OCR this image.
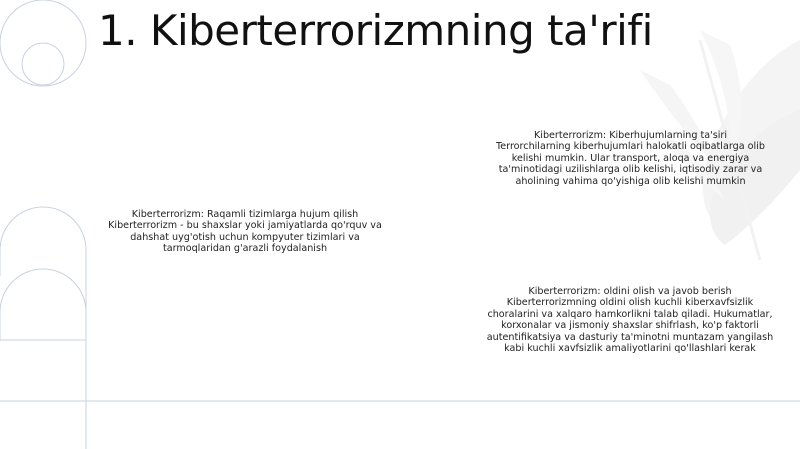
1. Kiberterrorizmning ta'rifi

Kiberterrorizm: Kiberhujumlarning ta'siri

Terrorchilarning kiberhujumlari halokatli oqibatlarga olib kelishi mumkin. Ular transport, aloqa va energiya ta'minotidagi uzilishlarga olib kelishi, iqtisodiy zarar va aholining vahima qo'yishiga olib kelishi mumkin

Kiberterrorizm: Raqamli tizimlarga hujum qilish

Kiberterrorizm - bu shaxslar yoki jamiyatlarda qo'rquv va dahshat uyg'otish uchun kompyuter tizimlari va tarmoqlaridan g'arazli foydalanish

Kiberterrorizm: oldini olish va javob berish

Kiberterrorizmning oldini olish kuchli kiberxavfsizlik choralarini va xalqaro hamkorlikni talab qiladi. Hukumatlar, korxonalar va jismoniy shaxslar shifrlash, ko'p faktorli autentifikatsiya va dasturiy ta'minotni muntazam yangilash kabi kuchli xavfsizlik amaliyotlarini qo'llashlari kerak
